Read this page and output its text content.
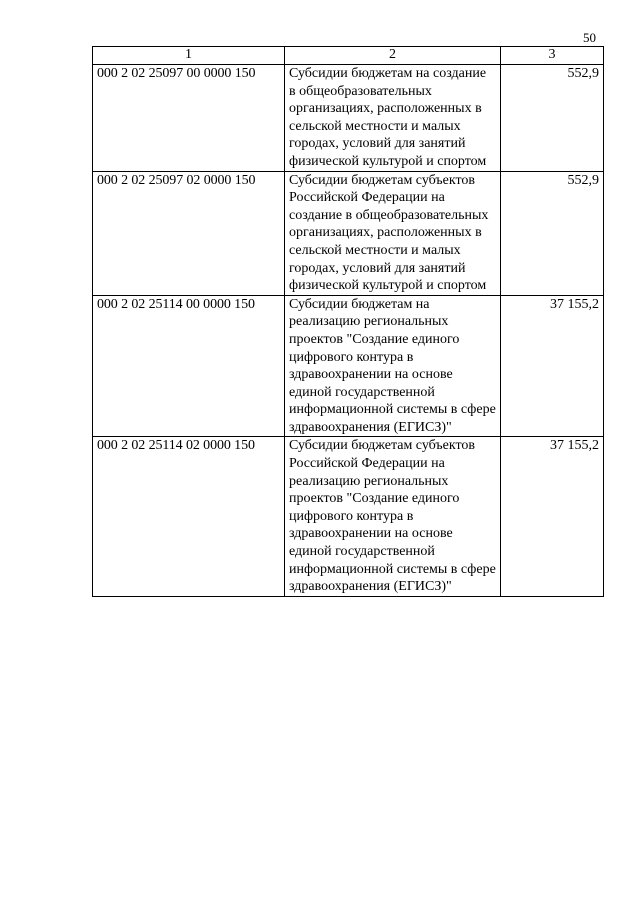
50
1	2	3
000 2 02 25097 00 0000 150	Субсидии бюджетам на создание в общеобразовательных организациях, расположенных в сельской местности и малых городах, условий для занятий физической культурой и спортом	552,9
000 2 02 25097 02 0000 150	Субсидии бюджетам субъектов Российской Федерации на создание в общеобразовательных организациях, расположенных в сельской местности и малых городах, условий для занятий физической культурой и спортом	552,9
000 2 02 25114 00 0000 150	Субсидии бюджетам на реализацию региональных проектов "Создание единого цифрового контура в здравоохранении на основе единой государственной информационной системы в сфере здравоохранения (ЕГИСЗ)"	37 155,2
000 2 02 25114 02 0000 150	Субсидии бюджетам субъектов Российской Федерации на реализацию региональных проектов "Создание единого цифрового контура в здравоохранении на основе единой государственной информационной системы в сфере здравоохранения (ЕГИСЗ)"	37 155,2
